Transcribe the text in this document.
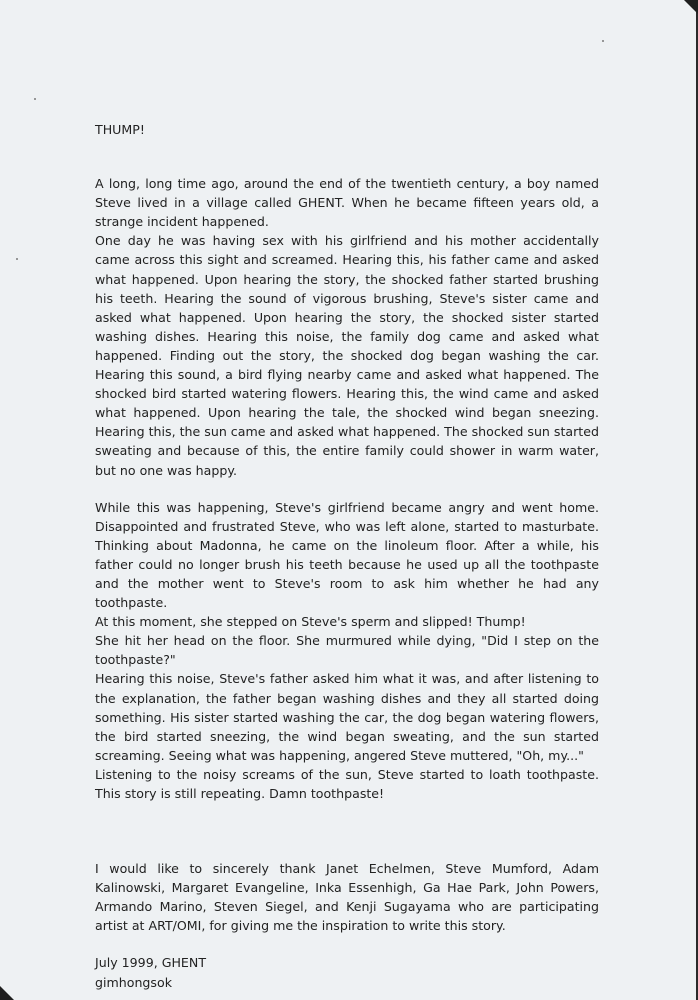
THUMP!

A long, long time ago, around the end of the twentieth century, a boy named Steve lived in a village called GHENT. When he became fifteen years old, a strange incident happened.

One day he was having sex with his girlfriend and his mother accidentally came across this sight and screamed. Hearing this, his father came and asked what happened. Upon hearing the story, the shocked father started brushing his teeth. Hearing the sound of vigorous brushing, Steve's sister came and asked what happened. Upon hearing the story, the shocked sister started washing dishes. Hearing this noise, the family dog came and asked what happened. Finding out the story, the shocked dog began washing the car. Hearing this sound, a bird flying nearby came and asked what happened. The shocked bird started watering flowers. Hearing this, the wind came and asked what happened. Upon hearing the tale, the shocked wind began sneezing. Hearing this, the sun came and asked what happened. The shocked sun started sweating and because of this, the entire family could shower in warm water, but no one was happy.

While this was happening, Steve's girlfriend became angry and went home. Disappointed and frustrated Steve, who was left alone, started to masturbate. Thinking about Madonna, he came on the linoleum floor. After a while, his father could no longer brush his teeth because he used up all the toothpaste and the mother went to Steve's room to ask him whether he had any toothpaste.

At this moment, she stepped on Steve's sperm and slipped! Thump!

She hit her head on the floor. She murmured while dying, "Did I step on the toothpaste?"

Hearing this noise, Steve's father asked him what it was, and after listening to the explanation, the father began washing dishes and they all started doing something. His sister started washing the car, the dog began watering flowers, the bird started sneezing, the wind began sweating, and the sun started screaming. Seeing what was happening, angered Steve muttered, "Oh, my..."

Listening to the noisy screams of the sun, Steve started to loath toothpaste. This story is still repeating. Damn toothpaste!

I would like to sincerely thank Janet Echelmen, Steve Mumford, Adam Kalinowski, Margaret Evangeline, Inka Essenhigh, Ga Hae Park, John Powers, Armando Marino, Steven Siegel, and Kenji Sugayama who are participating artist at ART/OMI, for giving me the inspiration to write this story.

July 1999, GHENT

gimhongsok
